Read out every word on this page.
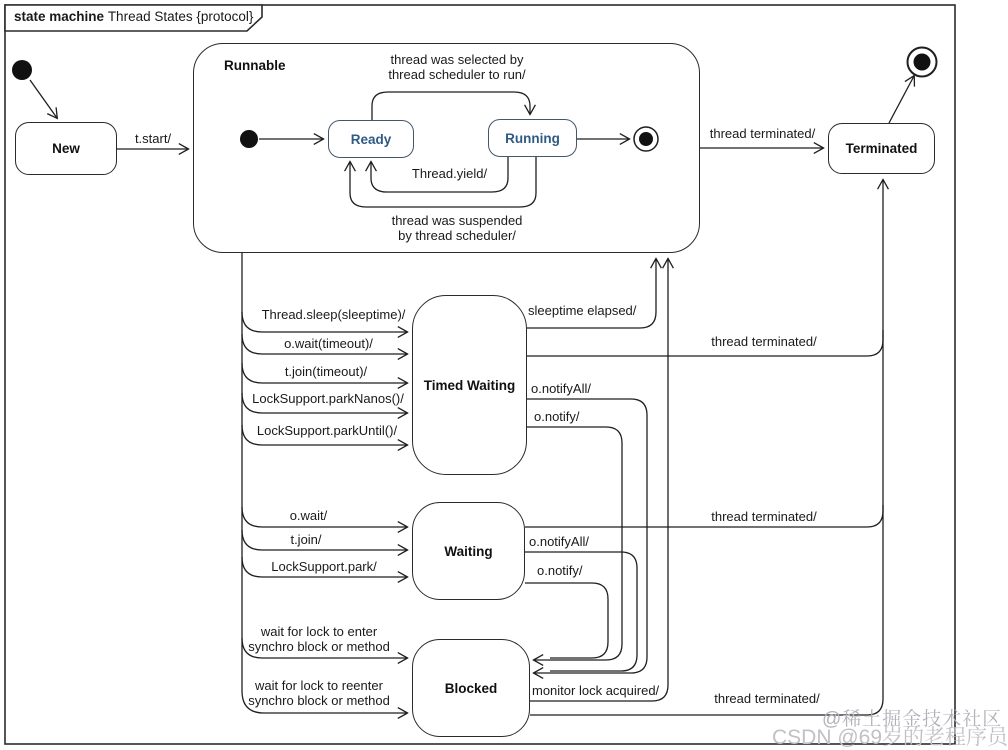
state machine Thread States {protocol}
Runnable
New
Ready	Running
Terminated
Timed Waiting
Waiting
Blocked
t.start/
thread was selected by
thread scheduler to run/
Thread.yield/
thread was suspended
by thread scheduler/
thread terminated/
Thread.sleep(sleeptime)/
o.wait(timeout)/
t.join(timeout)/
LockSupport.parkNanos()/
LockSupport.parkUntil()/
sleeptime elapsed/
thread terminated/
o.notifyAll/
o.notify/
o.wait/
t.join/
LockSupport.park/
thread terminated/
o.notifyAll/
o.notify/
wait for lock to enter
synchro block or method
wait for lock to reenter
synchro block or method
monitor lock acquired/
thread terminated/
@稀土掘金技术社区
CSDN @69岁的老程序员
